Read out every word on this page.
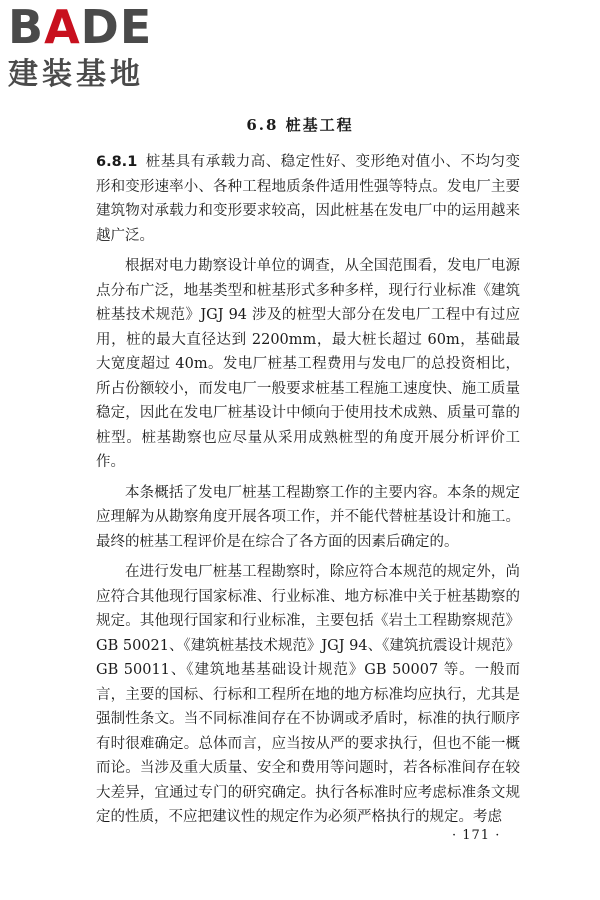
BADE
建装基地
6.8 桩基工程

6.8.1 桩基具有承载力高、稳定性好、变形绝对值小、不均匀变形和变形速率小、各种工程地质条件适用性强等特点。发电厂主要建筑物对承载力和变形要求较高，因此桩基在发电厂中的运用越来越广泛。

根据对电力勘察设计单位的调查，从全国范围看，发电厂电源点分布广泛，地基类型和桩基形式多种多样，现行行业标准《建筑桩基技术规范》JGJ 94 涉及的桩型大部分在发电厂工程中有过应用，桩的最大直径达到 2200mm，最大桩长超过 60m，基础最大宽度超过 40m。发电厂桩基工程费用与发电厂的总投资相比，所占份额较小，而发电厂一般要求桩基工程施工速度快、施工质量稳定，因此在发电厂桩基设计中倾向于使用技术成熟、质量可靠的桩型。桩基勘察也应尽量从采用成熟桩型的角度开展分析评价工作。

本条概括了发电厂桩基工程勘察工作的主要内容。本条的规定应理解为从勘察角度开展各项工作，并不能代替桩基设计和施工。最终的桩基工程评价是在综合了各方面的因素后确定的。

在进行发电厂桩基工程勘察时，除应符合本规范的规定外，尚应符合其他现行国家标准、行业标准、地方标准中关于桩基勘察的规定。其他现行国家和行业标准，主要包括《岩土工程勘察规范》GB 50021、《建筑桩基技术规范》JGJ 94、《建筑抗震设计规范》GB 50011、《建筑地基基础设计规范》GB 50007 等。一般而言，主要的国标、行标和工程所在地的地方标准均应执行，尤其是强制性条文。当不同标准间存在不协调或矛盾时，标准的执行顺序有时很难确定。总体而言，应当按从严的要求执行，但也不能一概而论。当涉及重大质量、安全和费用等问题时，若各标准间存在较大差异，宜通过专门的研究确定。执行各标准时应考虑标准条文规定的性质，不应把建议性的规定作为必须严格执行的规定。考虑

· 171 ·
